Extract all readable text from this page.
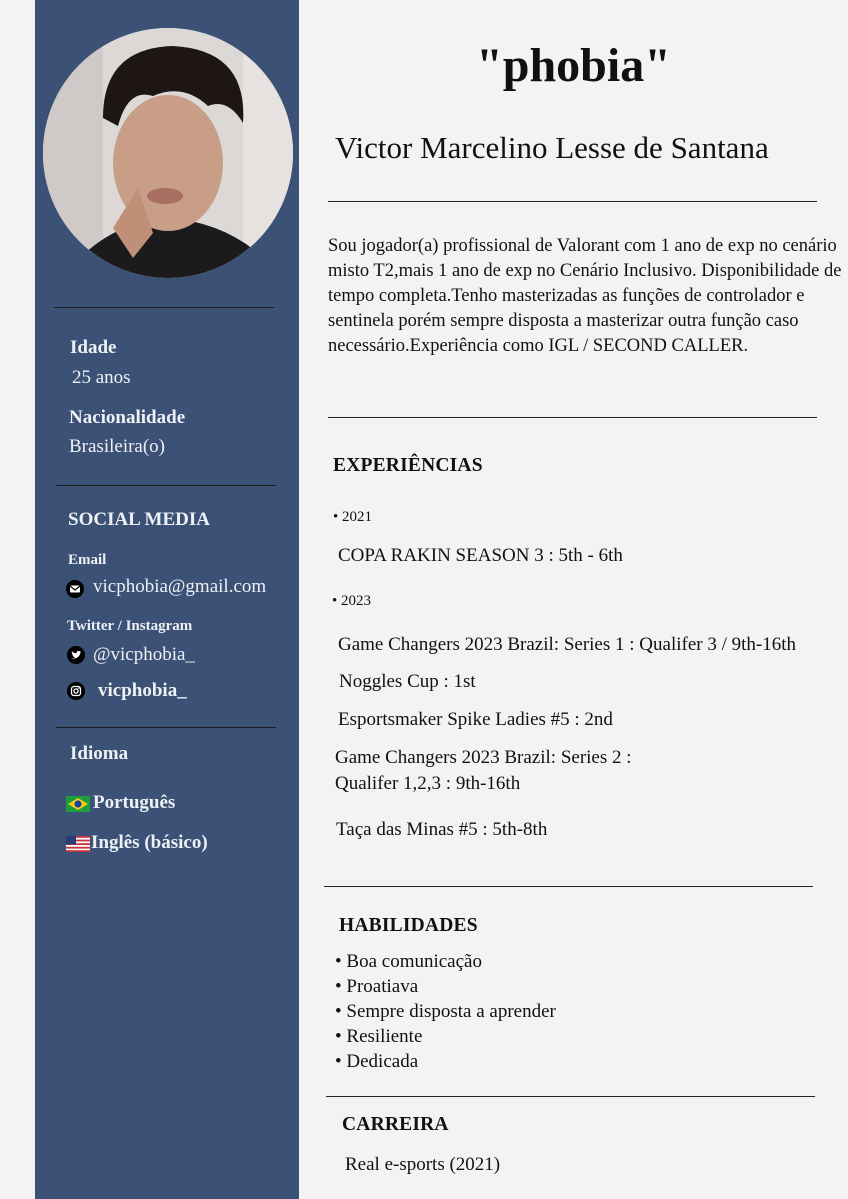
Idade
25 anos
Nacionalidade
Brasileira(o)
SOCIAL MEDIA
Email
vicphobia@gmail.com
Twitter / Instagram
@vicphobia_
vicphobia_
Idioma
Português
Inglês (básico)
"phobia"
Victor Marcelino Lesse de Santana
Sou jogador(a) profissional de Valorant com 1 ano de exp no cenário misto T2,mais 1 ano de exp no Cenário Inclusivo. Disponibilidade de tempo completa.Tenho masterizadas as funções de controlador e sentinela porém sempre disposta a masterizar outra função caso necessário.Experiência como IGL / SECOND CALLER.
EXPERIÊNCIAS
• 2021
COPA RAKIN SEASON 3 : 5th - 6th
• 2023
Game Changers 2023 Brazil: Series 1 : Qualifer 3 / 9th-16th
Noggles Cup : 1st
Esportsmaker Spike Ladies #5 : 2nd
Game Changers 2023 Brazil: Series 2 :
Qualifer 1,2,3 : 9th-16th
Taça das Minas #5 : 5th-8th
HABILIDADES
• Boa comunicação
• Proatiava
• Sempre disposta a aprender
• Resiliente
• Dedicada
CARREIRA
Real e-sports (2021)
